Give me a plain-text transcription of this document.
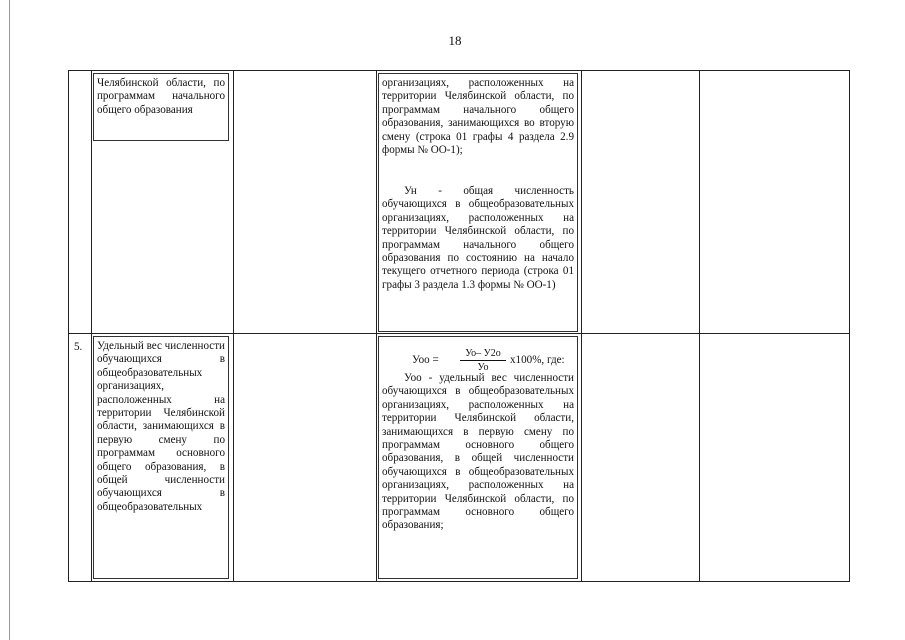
18
Челябинской области, по программам начального общего образования
организациях, расположенных на территории Челябинской области, по программам начального общего образования, занимающихся во вторую смену (строка 01 графы 4 раздела 2.9 формы № ОО-1);
Ун - общая численность обучающихся в общеобразовательных организациях, расположенных на территории Челябинской области, по программам начального общего образования по состоянию на начало текущего отчетного периода (строка 01 графы 3 раздела 1.3 формы № ОО-1)
5. Удельный вес численности обучающихся в общеобразовательных организациях, расположенных на территории Челябинской области, занимающихся в первую смену по программам основного общего образования, в общей численности обучающихся в общеобразовательных
Уоо =
Уо– У2о
Уо
x100%, где:
Уоо - удельный вес численности обучающихся в общеобразовательных организациях, расположенных на территории Челябинской области, занимающихся в первую смену по программам основного общего образования, в общей численности обучающихся в общеобразовательных организациях, расположенных на территории Челябинской области, по программам основного общего образования;
